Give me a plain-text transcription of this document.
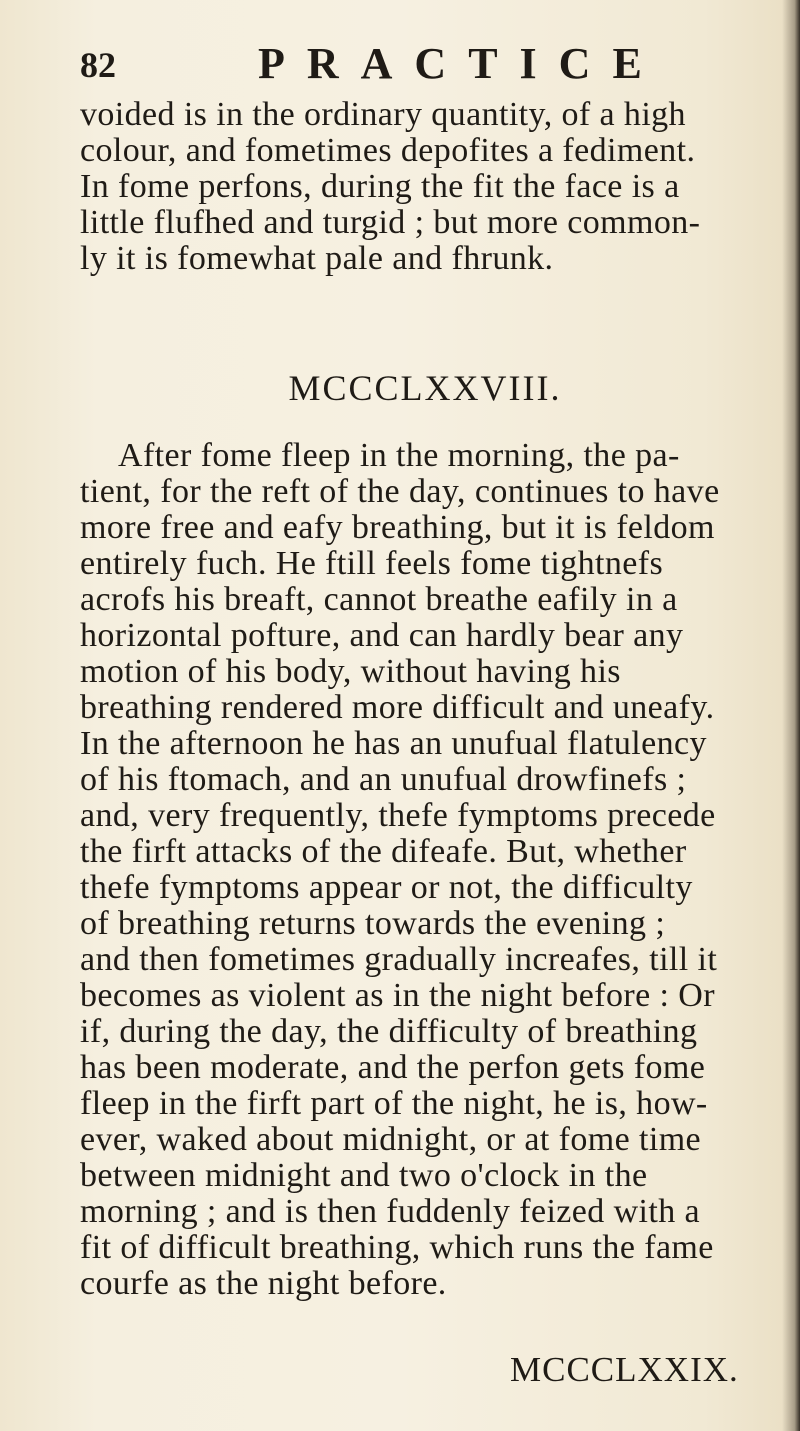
82	PRACTICE
voided is in the ordinary quantity, of a high
colour, and fometimes depofites a fediment.
In fome perfons, during the fit the face is a
little flufhed and turgid ; but more common-
ly it is fomewhat pale and fhrunk.
MCCCLXXVIII.
After fome fleep in the morning, the pa-
tient, for the reft of the day, continues to have
more free and eafy breathing, but it is feldom
entirely fuch. He ftill feels fome tightnefs
acrofs his breaft, cannot breathe eafily in a
horizontal pofture, and can hardly bear any
motion of his body, without having his
breathing rendered more difficult and uneafy.
In the afternoon he has an unufual flatulency
of his ftomach, and an unufual drowfinefs ;
and, very frequently, thefe fymptoms precede
the firft attacks of the difeafe. But, whether
thefe fymptoms appear or not, the difficulty
of breathing returns towards the evening ;
and then fometimes gradually increafes, till it
becomes as violent as in the night before : Or
if, during the day, the difficulty of breathing
has been moderate, and the perfon gets fome
fleep in the firft part of the night, he is, how-
ever, waked about midnight, or at fome time
between midnight and two o'clock in the
morning ; and is then fuddenly feized with a
fit of difficult breathing, which runs the fame
courfe as the night before.
MCCCLXXIX.
